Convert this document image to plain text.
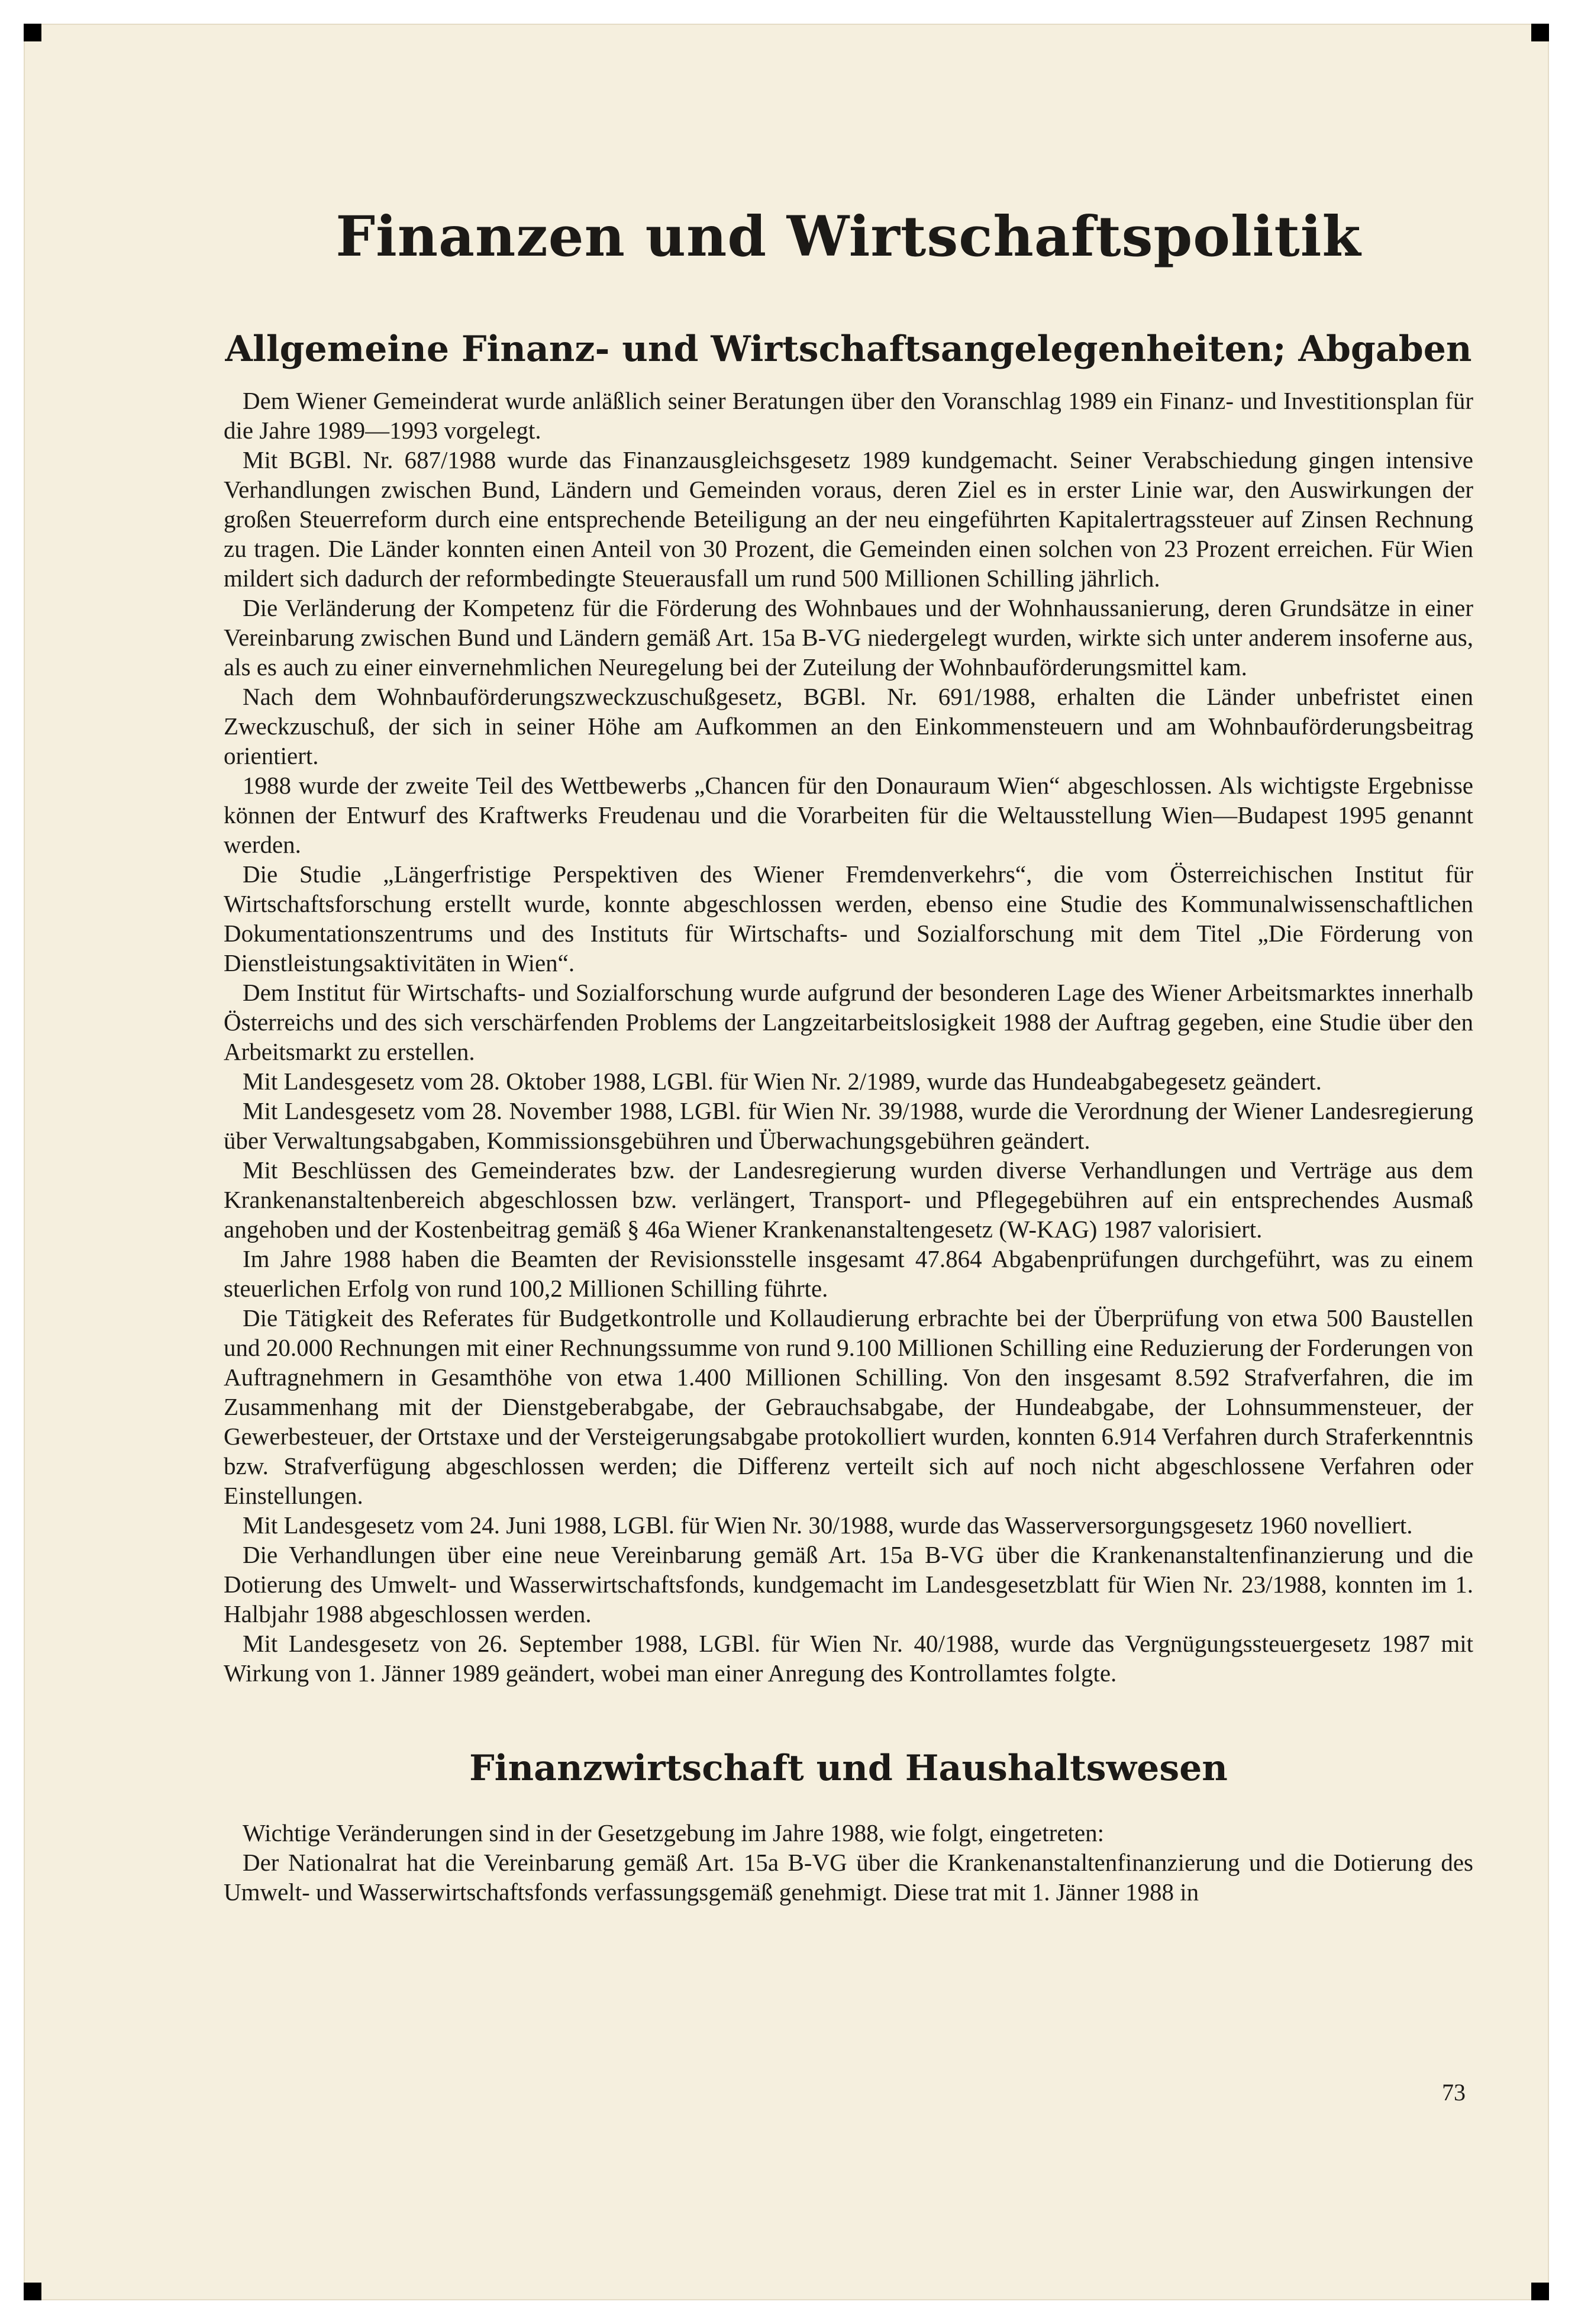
Finanzen und Wirtschaftspolitik
Allgemeine Finanz- und Wirtschaftsangelegenheiten; Abgaben

Dem Wiener Gemeinderat wurde anläßlich seiner Beratungen über den Voranschlag 1989 ein Finanz- und Investitionsplan für die Jahre 1989—1993 vorgelegt.

Mit BGBl. Nr. 687/1988 wurde das Finanzausgleichsgesetz 1989 kundgemacht. Seiner Verabschiedung gingen intensive Verhandlungen zwischen Bund, Ländern und Gemeinden voraus, deren Ziel es in erster Linie war, den Auswirkungen der großen Steuerreform durch eine entsprechende Beteiligung an der neu eingeführten Kapitalertragssteuer auf Zinsen Rechnung zu tragen. Die Länder konnten einen Anteil von 30 Prozent, die Gemeinden einen solchen von 23 Prozent erreichen. Für Wien mildert sich dadurch der reformbedingte Steuerausfall um rund 500 Millionen Schilling jährlich.

Die Verländerung der Kompetenz für die Förderung des Wohnbaues und der Wohnhaussanierung, deren Grundsätze in einer Vereinbarung zwischen Bund und Ländern gemäß Art. 15a B-VG niedergelegt wurden, wirkte sich unter anderem insoferne aus, als es auch zu einer einvernehmlichen Neuregelung bei der Zuteilung der Wohnbauförderungsmittel kam.

Nach dem Wohnbauförderungszweckzuschußgesetz, BGBl. Nr. 691/1988, erhalten die Länder unbefristet einen Zweckzuschuß, der sich in seiner Höhe am Aufkommen an den Einkommensteuern und am Wohnbauförderungsbeitrag orientiert.

1988 wurde der zweite Teil des Wettbewerbs „Chancen für den Donauraum Wien“ abgeschlossen. Als wichtigste Ergebnisse können der Entwurf des Kraftwerks Freudenau und die Vorarbeiten für die Weltausstellung Wien—Budapest 1995 genannt werden.

Die Studie „Längerfristige Perspektiven des Wiener Fremdenverkehrs“, die vom Österreichischen Institut für Wirtschaftsforschung erstellt wurde, konnte abgeschlossen werden, ebenso eine Studie des Kommunalwissenschaftlichen Dokumentationszentrums und des Instituts für Wirtschafts- und Sozialforschung mit dem Titel „Die Förderung von Dienstleistungsaktivitäten in Wien“.

Dem Institut für Wirtschafts- und Sozialforschung wurde aufgrund der besonderen Lage des Wiener Arbeitsmarktes innerhalb Österreichs und des sich verschärfenden Problems der Langzeitarbeitslosigkeit 1988 der Auftrag gegeben, eine Studie über den Arbeitsmarkt zu erstellen.

Mit Landesgesetz vom 28. Oktober 1988, LGBl. für Wien Nr. 2/1989, wurde das Hundeabgabegesetz geändert.

Mit Landesgesetz vom 28. November 1988, LGBl. für Wien Nr. 39/1988, wurde die Verordnung der Wiener Landesregierung über Verwaltungsabgaben, Kommissionsgebühren und Überwachungsgebühren geändert.

Mit Beschlüssen des Gemeinderates bzw. der Landesregierung wurden diverse Verhandlungen und Verträge aus dem Krankenanstaltenbereich abgeschlossen bzw. verlängert, Transport- und Pflegegebühren auf ein entsprechendes Ausmaß angehoben und der Kostenbeitrag gemäß § 46a Wiener Krankenanstaltengesetz (W-KAG) 1987 valorisiert.

Im Jahre 1988 haben die Beamten der Revisionsstelle insgesamt 47.864 Abgabenprüfungen durchgeführt, was zu einem steuerlichen Erfolg von rund 100,2 Millionen Schilling führte.

Die Tätigkeit des Referates für Budgetkontrolle und Kollaudierung erbrachte bei der Überprüfung von etwa 500 Baustellen und 20.000 Rechnungen mit einer Rechnungssumme von rund 9.100 Millionen Schilling eine Reduzierung der Forderungen von Auftragnehmern in Gesamthöhe von etwa 1.400 Millionen Schilling. Von den insgesamt 8.592 Strafverfahren, die im Zusammenhang mit der Dienstgeberabgabe, der Gebrauchsabgabe, der Hundeabgabe, der Lohnsummensteuer, der Gewerbesteuer, der Ortstaxe und der Versteigerungsabgabe protokolliert wurden, konnten 6.914 Verfahren durch Straferkenntnis bzw. Strafverfügung abgeschlossen werden; die Differenz verteilt sich auf noch nicht abgeschlossene Verfahren oder Einstellungen.

Mit Landesgesetz vom 24. Juni 1988, LGBl. für Wien Nr. 30/1988, wurde das Wasserversorgungsgesetz 1960 novelliert.

Die Verhandlungen über eine neue Vereinbarung gemäß Art. 15a B-VG über die Krankenanstaltenfinanzierung und die Dotierung des Umwelt- und Wasserwirtschaftsfonds, kundgemacht im Landesgesetzblatt für Wien Nr. 23/1988, konnten im 1. Halbjahr 1988 abgeschlossen werden.

Mit Landesgesetz von 26. September 1988, LGBl. für Wien Nr. 40/1988, wurde das Vergnügungssteuergesetz 1987 mit Wirkung von 1. Jänner 1989 geändert, wobei man einer Anregung des Kontrollamtes folgte.

Finanzwirtschaft und Haushaltswesen

Wichtige Veränderungen sind in der Gesetzgebung im Jahre 1988, wie folgt, eingetreten:

Der Nationalrat hat die Vereinbarung gemäß Art. 15a B-VG über die Krankenanstaltenfinanzierung und die Dotierung des Umwelt- und Wasserwirtschaftsfonds verfassungsgemäß genehmigt. Diese trat mit 1. Jänner 1988 in

73
